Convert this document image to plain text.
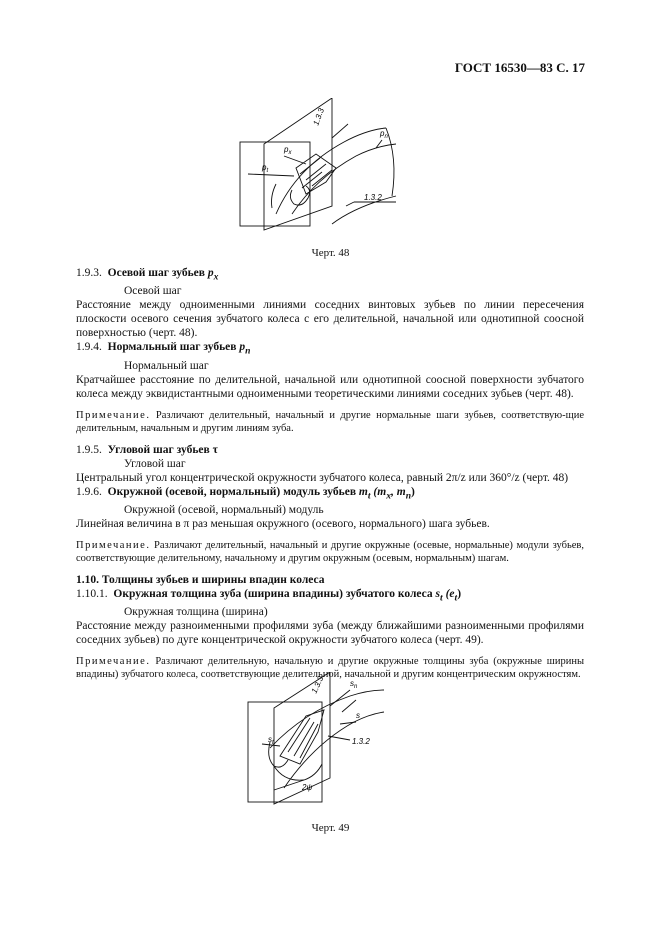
ГОСТ 16530—83 С. 17
1.3.3
$p_n$
$p_x$
$p_t$
1.3.2
Черт. 48

1.9.3. Осевой шаг зубьев $p_x$

Осевой шаг

Расстояние между одноименными линиями соседних винтовых зубьев по линии пересечения плоскости осевого сечения зубчатого колеса с его делительной, начальной или однотипной соосной поверхностью (черт. 48).

1.9.4. Нормальный шаг зубьев $p_n$

Нормальный шаг

Кратчайшее расстояние по делительной, начальной или однотипной соосной поверхности зубчатого колеса между эквидистантными одноименными теоретическими линиями соседних зубьев (черт. 48).

Примечание. Различают делительный, начальный и другие нормальные шаги зубьев, соответствую-щие делительным, начальным и другим линиям зуба.

1.9.5. Угловой шаг зубьев τ

Угловой шаг

Центральный угол концентрической окружности зубчатого колеса, равный 2π/z или 360°/z (черт. 48)

1.9.6. Окружной (осевой, нормальный) модуль зубьев $m_t$ ($m_x$, $m_n$)

Окружной (осевой, нормальный) модуль

Линейная величина в π раз меньшая окружного (осевого, нормального) шага зубьев.

Примечание. Различают делительный, начальный и другие окружные (осевые, нормальные) модули зубьев, соответствующие делительному, начальному и другим окружным (осевым, нормальным) шагам.

1.10. Толщины зубьев и ширины впадин колеса

1.10.1. Окружная толщина зуба (ширина впадины) зубчатого колеса $s_t$ $(e_t)$

Окружная толщина (ширина)

Расстояние между разноименными профилями зуба (между ближайшими разноименными профилями соседних зубьев) по дуге концентрической окружности зубчатого колеса (черт. 49).

Примечание. Различают делительную, начальную и другие окружные толщины зуба (окружные ширины впадины) зубчатого колеса, соответствующие делительной, начальной и другим концентрическим окружностям.

1.3.3	$s_n$
s
1.3.2
$s_t$
2ψ
Черт. 49
